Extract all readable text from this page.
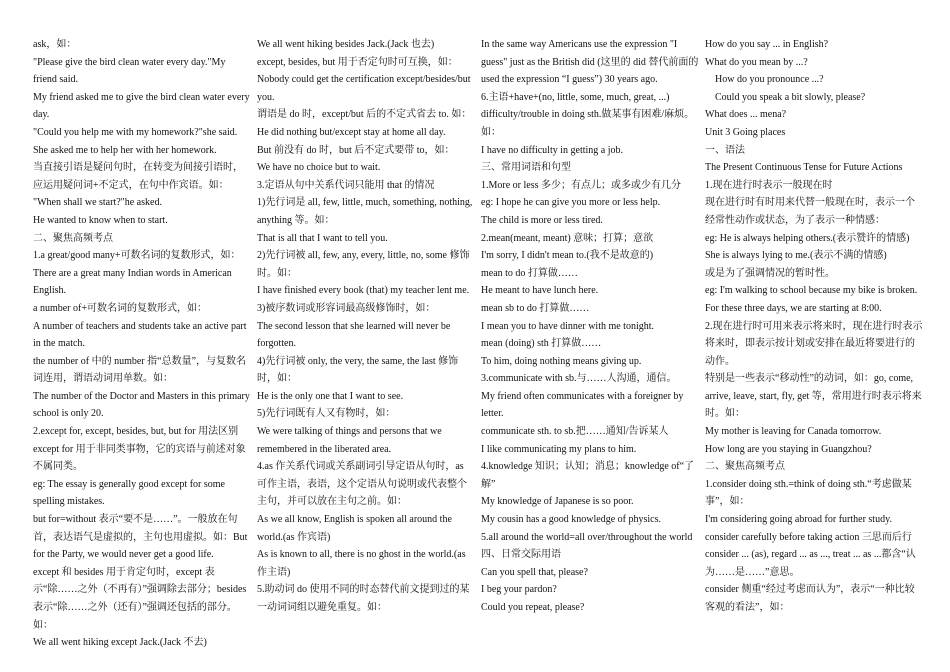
ask，如：

"Please give the bird clean water every day."My friend said.

My friend asked me to give the bird clean water every day.

"Could you help me with my homework?"she said.

She asked me to help her with her homework.

当直接引语是疑问句时，在转变为间接引语时，应运用疑问词+不定式，在句中作宾语。如：

"When shall we start?"he asked.

He wanted to know when to start.

二、聚焦高频考点

1.a great/good many+可数名词的复数形式，如：There are a great many Indian words in American English.

a number of+可数名词的复数形式，如：

A number of teachers and students take an active part in the match.

the number of 中的 number 指“总数量”，与复数名词连用，谓语动词用单数。如：

The number of the Doctor and Masters in this primary school is only 20.

2.except for, except, besides, but, but for 用法区别 except for 用于非同类事物，它的宾语与前述对象不属同类。

eg: The essay is generally good except for some spelling mistakes.

but for=without 表示“要不是……”。一般放在句首，表达语气是虚拟的，主句也用虚拟。如：But for the Party, we would never get a good life.

except 和 besides 用于肯定句时，except 表示“除……之外（不再有）”强调除去部分；besides 表示“除……之外（还有）”强调还包括的部分。如：

We all went hiking except Jack.(Jack 不去)

We all went hiking besides Jack.(Jack 也去)

except, besides, but 用于否定句时可互换，如：

Nobody could get the certification except/besides/but you.

谓语是 do 时，except/but 后的不定式省去 to. 如：

He did nothing but/except stay at home all day.

But 前没有 do 时，but 后不定式要带 to，如：

We have no choice but to wait.

3.定语从句中关系代词只能用 that 的情况

1)先行词是 all, few, little, much, something, nothing, anything 等。如：

That is all that I want to tell you.

2)先行词被 all, few, any, every, little, no, some 修饰时。如：

I have finished every book (that) my teacher lent me.

3)被序数词或形容词最高级修饰时，如：

The second lesson that she learned will never be forgotten.

4)先行词被 only, the very, the same, the last 修饰时，如：

He is the only one that I want to see.

5)先行词既有人又有物时，如：

We were talking of things and persons that we remembered in the liberated area.

4.as 作关系代词或关系副词引导定语从句时，as 可作主语，表语，这个定语从句说明或代表整个主句，并可以放在主句之前。如：

As we all know, English is spoken all around the world.(as 作宾语)

As is known to all, there is no ghost in the world.(as 作主语)

5.助动词 do 使用不同的时态替代前文提到过的某一动词词组以避免重复。如：

In the same way Americans use the expression "I guess" just as the British did (这里的 did 替代前面的 used the expression “I guess”) 30 years ago.

6.主语+have+(no, little, some, much, great, ...) difficulty/trouble in doing sth.做某事有困难/麻烦。如：

I have no difficulty in getting a job.

三、常用词语和句型

1.More or less 多少；有点儿；或多或少有几分

eg: I hope he can give you more or less help.

The child is more or less tired.

2.mean(meant, meant) 意味；打算；意欲

I'm sorry, I didn't mean to.(我不是故意的)

mean to do 打算做……

He meant to have lunch here.

mean sb to do 打算做……

I mean you to have dinner with me tonight.

mean (doing) sth 打算做……

To him, doing nothing means giving up.

3.communicate with sb.与……人沟通，通信。

My friend often communicates with a foreigner by letter.

communicate sth. to sb.把……通知/告诉某人

I like communicating my plans to him.

4.knowledge 知识；认知；消息；knowledge of“了解”

My knowledge of Japanese is so poor.

My cousin has a good knowledge of physics.

5.all around the world=all over/throughout the world

四、日常交际用语

Can you spell that, please?

I beg your pardon?

Could you repeat, please?

How do you say ... in English?

What do you mean by ...?

How do you pronounce ...?

Could you speak a bit slowly, please?

What does ... mena?

Unit 3 Going places

一、语法

The Present Continuous Tense for Future Actions

1.现在进行时表示一般现在时

现在进行时有时用来代替一般现在时，表示一个经常性动作或状态，为了表示一种情感：

eg: He is always helping others.(表示赞许的情感)

She is always lying to me.(表示不满的情感)

或是为了强调情况的暂时性。

eg: I'm walking to school because my bike is broken.

For these three days, we are starting at 8:00.

2.现在进行时可用来表示将来时，现在进行时表示将来时，即表示按计划或安排在最近将要进行的动作。

特别是一些表示“移动性”的动词，如：go, come, arrive, leave, start, fly, get 等，常用进行时表示将来时。如：

My mother is leaving for Canada tomorrow.

How long are you staying in Guangzhou?

二、聚焦高频考点

1.consider doing sth.=think of doing sth.“考虑做某事”，如：

I'm considering going abroad for further study.

consider carefully before taking action 三思而后行

consider ... (as), regard ... as ..., treat ... as ...都含“认为……是……”意思。

consider 侧重“经过考虑而认为”，表示“一种比较客观的看法”，如：
